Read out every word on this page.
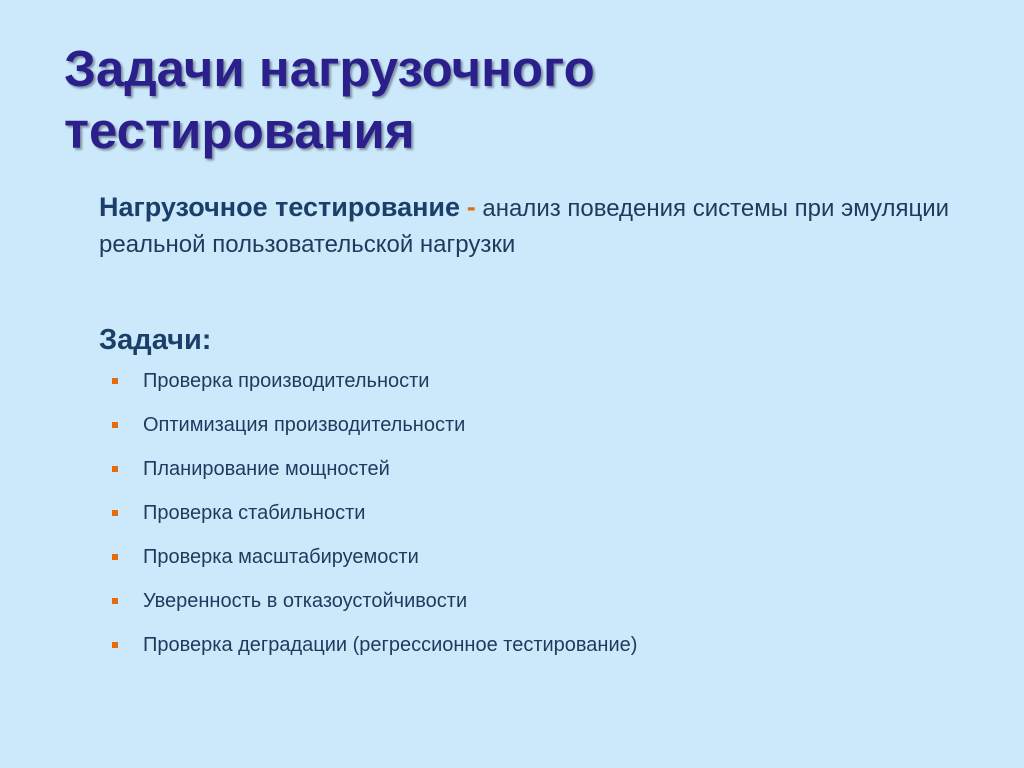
Задачи нагрузочного
тестирования

Нагрузочное тестирование - анализ поведения системы при эмуляции реальной пользовательской нагрузки

Задачи:
Проверка производительности
Оптимизация производительности
Планирование мощностей
Проверка стабильности
Проверка масштабируемости
Уверенность в отказоустойчивости
Проверка деградации (регрессионное тестирование)
